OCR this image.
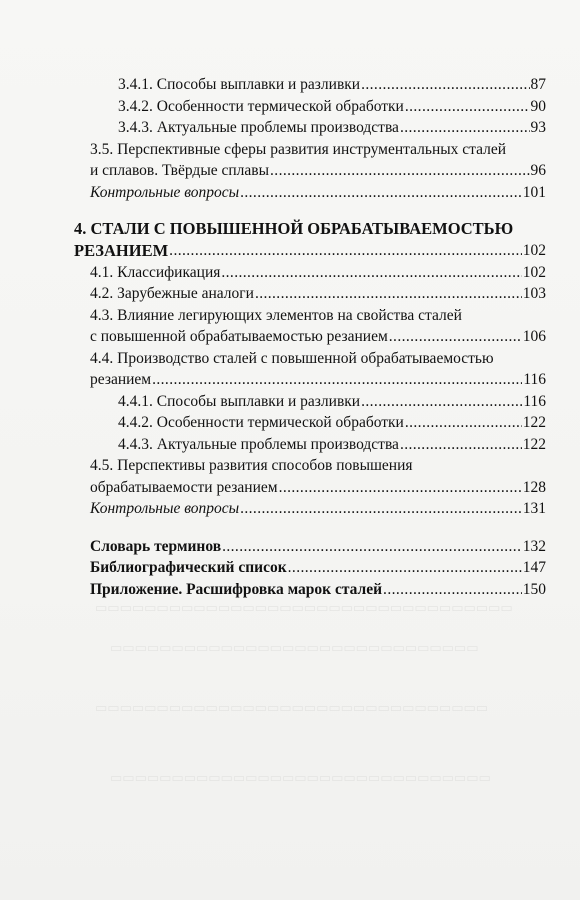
▭▭▭▭▭▭▭▭▭▭▭▭▭▭▭▭▭▭▭▭▭▭▭▭▭▭▭▭▭▭▭▭▭▭
▭▭▭▭▭▭▭▭▭▭▭▭▭▭▭▭▭▭▭▭▭▭▭▭▭▭▭▭▭▭
▭▭▭▭▭▭▭▭▭▭▭▭▭▭▭▭▭▭▭▭▭▭▭▭▭▭▭▭▭▭▭▭
▭▭▭▭▭▭▭▭▭▭▭▭▭▭▭▭▭▭▭▭▭▭▭▭▭▭▭▭▭▭▭
3.4.1. Способы выплавки и разливки .....	87
3.4.2. Особенности термической обработки .....	90
3.4.3. Актуальные проблемы производства .....	93
3.5. Перспективные сферы развития инструментальных сталей
и сплавов. Твёрдые сплавы .....	96
Контрольные вопросы .....	101
4. СТАЛИ С ПОВЫШЕННОЙ ОБРАБАТЫВАЕМОСТЬЮ
РЕЗАНИЕМ .....	102
4.1. Классификация .....	102
4.2. Зарубежные аналоги .....	103
4.3. Влияние легирующих элементов на свойства сталей
с повышенной обрабатываемостью резанием .....	106
4.4. Производство сталей с повышенной обрабатываемостью
резанием .....	116
4.4.1. Способы выплавки и разливки .....	116
4.4.2. Особенности термической обработки .....	122
4.4.3. Актуальные проблемы производства .....	122
4.5. Перспективы развития способов повышения
обрабатываемости резанием .....	128
Контрольные вопросы .....	131
Словарь терминов .....	132
Библиографический список .....	147
Приложение. Расшифровка марок сталей .....	150
